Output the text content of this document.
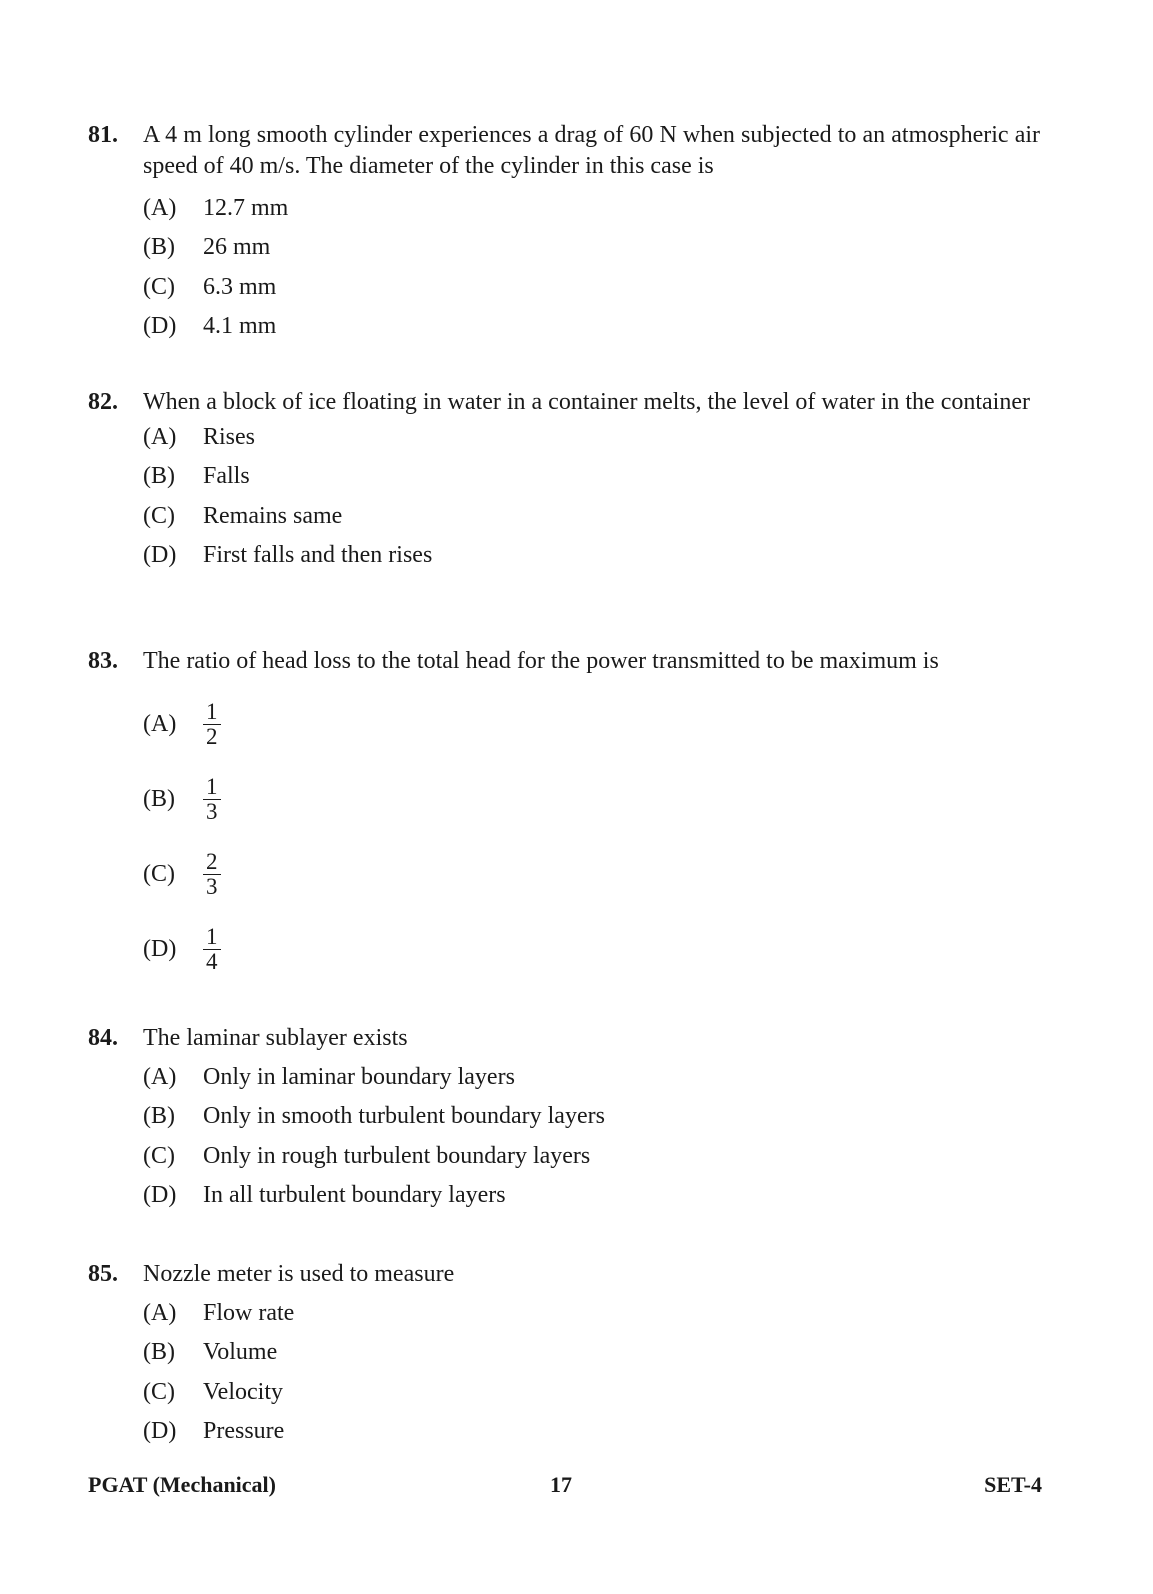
81.	A 4 m long smooth cylinder experiences a drag of 60 N when subjected to an atmospheric air speed of 40 m/s. The diameter of the cylinder in this case is
(A)	12.7 mm
(B)	26 mm
(C)	6.3 mm
(D)	4.1 mm
82.	When a block of ice floating in water in a container melts, the level of water in the container
(A)	Rises
(B)	Falls
(C)	Remains same
(D)	First falls and then rises
83.	The ratio of head loss to the total head for the power transmitted to be maximum is
(A)	$\frac{1}{2}$
(B)	$\frac{1}{3}$
(C)	$\frac{2}{3}$
(D)	$\frac{1}{4}$
84.	The laminar sublayer exists
(A)	Only in laminar boundary layers
(B)	Only in smooth turbulent boundary layers
(C)	Only in rough turbulent boundary layers
(D)	In all turbulent boundary layers
85.	Nozzle meter is used to measure
(A)	Flow rate
(B)	Volume
(C)	Velocity
(D)	Pressure
PGAT (Mechanical)	17	SET-4
